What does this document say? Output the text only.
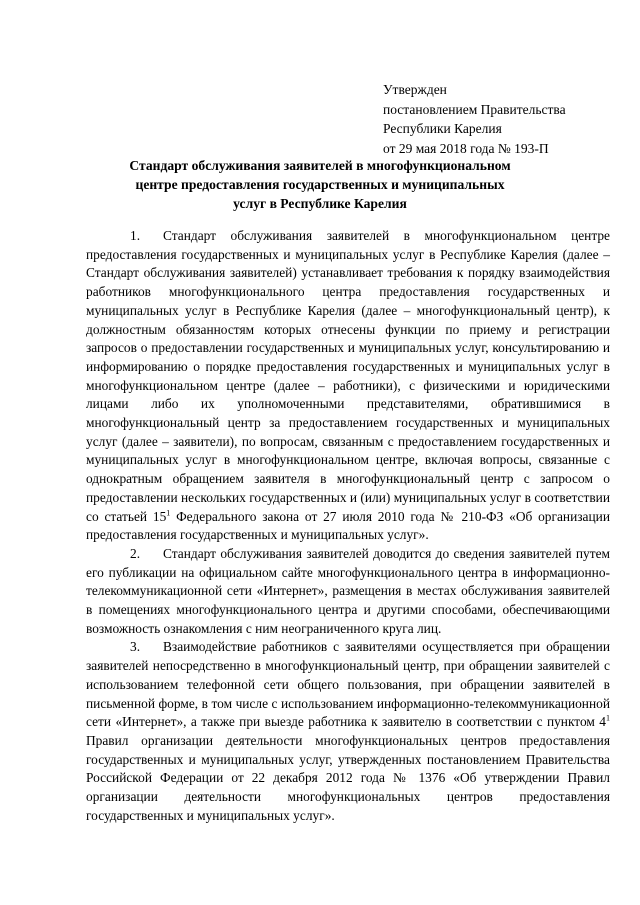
Утвержден
постановлением Правительства
Республики Карелия
от 29 мая 2018 года № 193-П
Стандарт обслуживания заявителей в многофункциональном
центре предоставления государственных и муниципальных
услуг в Республике Карелия

1. Стандарт обслуживания заявителей в многофункциональном центре предоставления государственных и муниципальных услуг в Республике Карелия (далее – Стандарт обслуживания заявителей) устанавливает требования к порядку взаимодействия работников многофункционального центра предоставления государственных и муниципальных услуг в Республике Карелия (далее – многофункциональный центр), к должностным обязанностям которых отнесены функции по приему и регистрации запросов о предоставлении государственных и муниципальных услуг, консультированию и информированию о порядке предоставления государственных и муниципальных услуг в многофункциональном центре (далее – работники), с физическими и юридическими лицами либо их уполномоченными представителями, обратившимися в многофункциональный центр за предоставлением государственных и муниципальных услуг (далее – заявители), по вопросам, связанным с предоставлением государственных и муниципальных услуг в многофункциональном центре, включая вопросы, связанные с однократным обращением заявителя в многофункциональный центр с запросом о предоставлении нескольких государственных и (или) муниципальных услуг в соответствии со статьей $15^1$ Федерального закона от 27 июля 2010 года № 210-ФЗ «Об организации предоставления государственных и муниципальных услуг».

2. Стандарт обслуживания заявителей доводится до сведения заявителей путем его публикации на официальном сайте многофункционального центра в информационно-телекоммуникационной сети «Интернет», размещения в местах обслуживания заявителей в помещениях многофункционального центра и другими способами, обеспечивающими возможность ознакомления с ним неограниченного круга лиц.

3. Взаимодействие работников с заявителями осуществляется при обращении заявителей непосредственно в многофункциональный центр, при обращении заявителей с использованием телефонной сети общего пользования, при обращении заявителей в письменной форме, в том числе с использованием информационно-телекоммуникационной сети «Интернет», а также при выезде работника к заявителю в соответствии с пунктом $4^1$ Правил организации деятельности многофункциональных центров предоставления государственных и муниципальных услуг, утвержденных постановлением Правительства Российской Федерации от 22 декабря 2012 года № 1376 «Об утверждении Правил организации деятельности многофункциональных центров предоставления государственных и муниципальных услуг».
